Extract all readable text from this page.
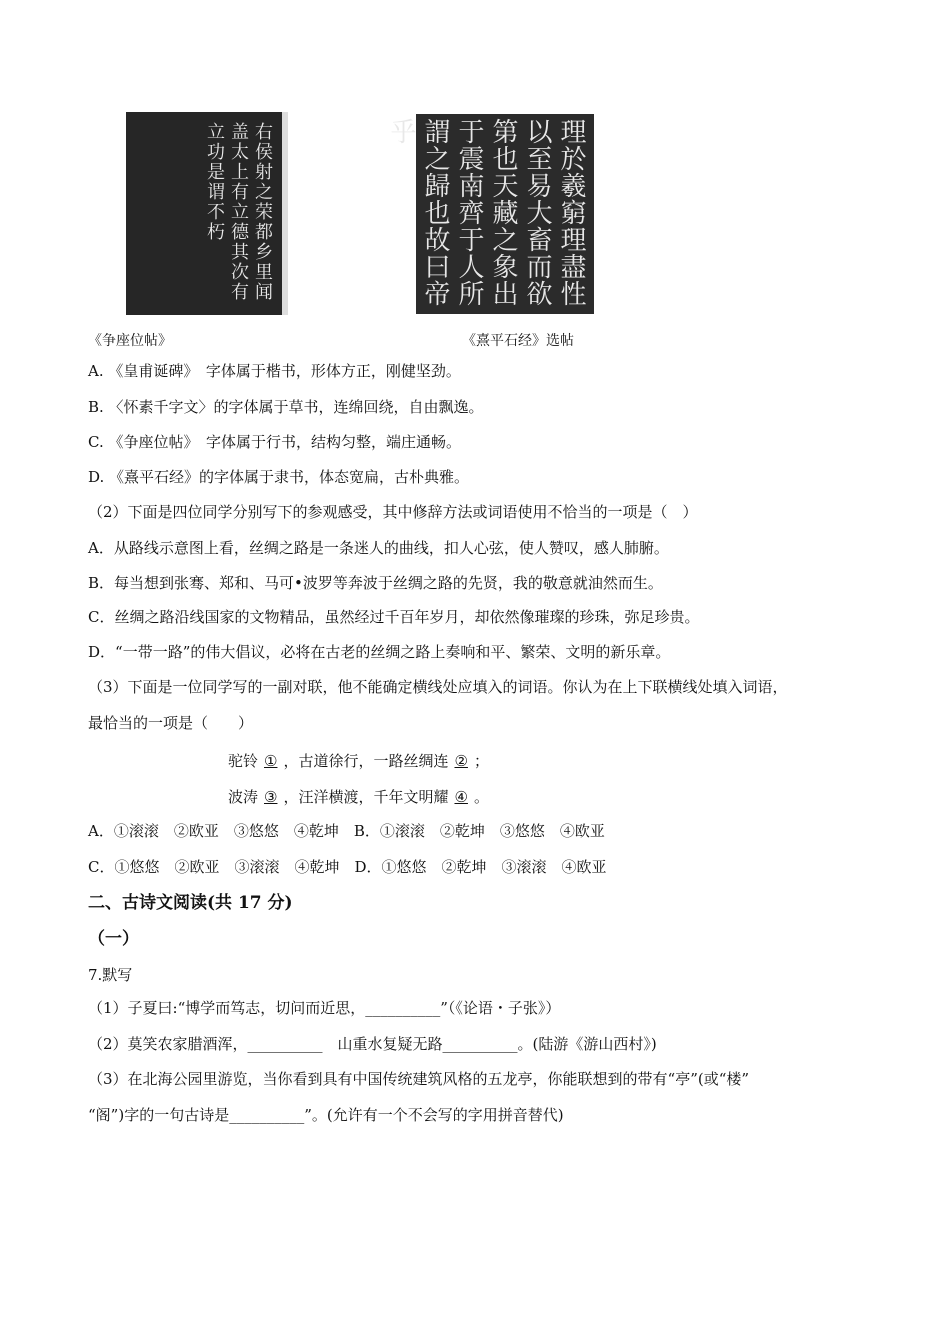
右侯射之荣都乡里闻盖太上有立德其次有立功是谓不朽	理於羲窮理盡性以至易大畜而欲第也天藏之象出于震南齊于人所謂之歸也故曰帝乎
《争座位帖》	《熹平石经》选帖
A. 《皇甫诞碑》　字体属于楷书，形体方正，刚健坚劲。
B. 〈怀素千字文〉的字体属于草书，连绵回绕，自由飘逸。
C. 《争座位帖》　字体属于行书，结构匀整，端庄通畅。
D. 《熹平石经》的字体属于隶书，体态宽扁，古朴典雅。
（2）下面是四位同学分别写下的参观感受，其中修辞方法或词语使用不恰当的一项是（　）
A．从路线示意图上看，丝绸之路是一条迷人的曲线，扣人心弦，使人赞叹，感人肺腑。
B．每当想到张骞、郑和、马可•波罗等奔波于丝绸之路的先贤，我的敬意就油然而生。
C．丝绸之路沿线国家的文物精品，虽然经过千百年岁月，却依然像璀璨的珍珠，弥足珍贵。
D．“一带一路”的伟大倡议，必将在古老的丝绸之路上奏响和平、繁荣、文明的新乐章。
（3）下面是一位同学写的一副对联，他不能确定横线处应填入的词语。你认为在上下联横线处填入词语，
最恰当的一项是（　　）
驼铃 ① ，古道徐行，一路丝绸连 ② ；
波涛 ③ ，汪洋横渡，千年文明耀 ④ 。
A．①滚滚　②欧亚　③悠悠　④乾坤　B．①滚滚　②乾坤　③悠悠　④欧亚
C．①悠悠　②欧亚　③滚滚　④乾坤　D．①悠悠　②乾坤　③滚滚　④欧亚
二、古诗文阅读(共 17 分)
（一）
7.默写
（1）子夏曰:“博学而笃志，切问而近思，__________”（《论语・子张》）
（2）莫笑农家腊酒浑，__________　山重水复疑无路__________。(陆游《游山西村》)
（3）在北海公园里游览，当你看到具有中国传统建筑风格的五龙亭，你能联想到的带有“亭”(或“楼”
“阁”)字的一句古诗是__________”。(允许有一个不会写的字用拼音替代)
